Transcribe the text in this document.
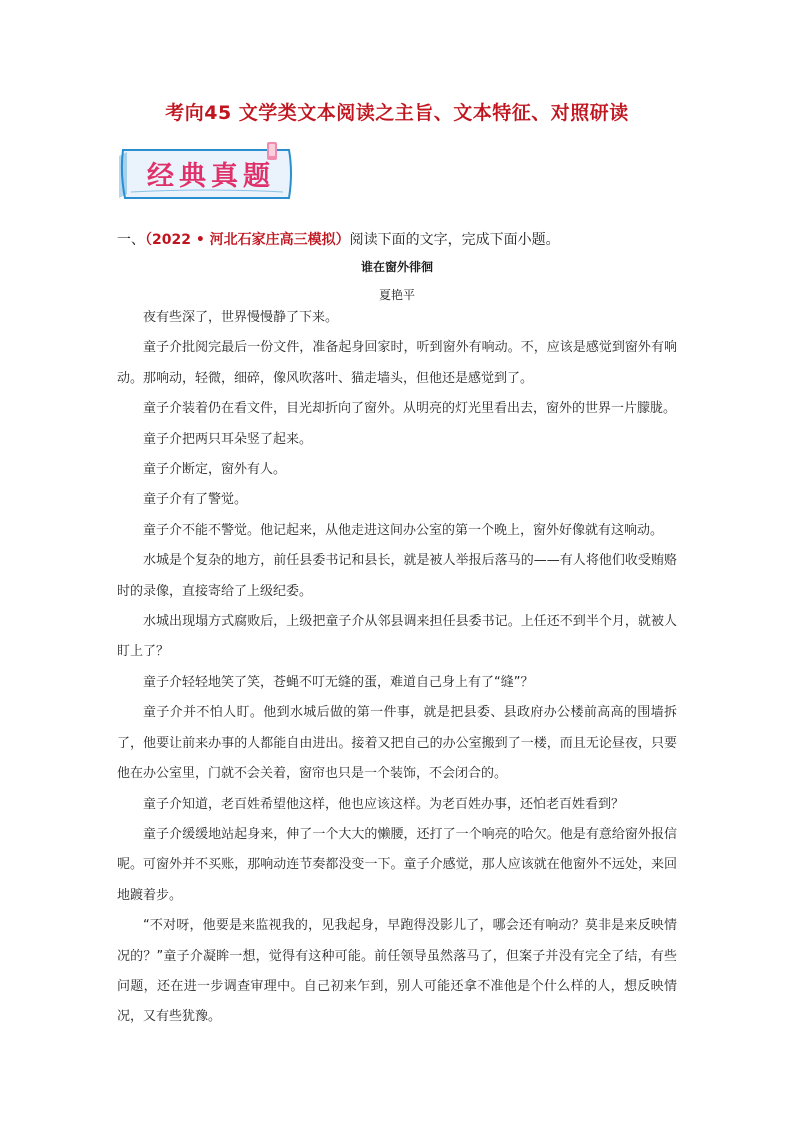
考向45 文学类文本阅读之主旨、文本特征、对照研读
经典真题
一、（2022 • 河北石家庄高三模拟）阅读下面的文字，完成下面小题。
谁在窗外徘徊
夏艳平

夜有些深了，世界慢慢静了下来。

童子介批阅完最后一份文件，准备起身回家时，听到窗外有响动。不，应该是感觉到窗外有响动。那响动，轻微，细碎，像风吹落叶、猫走墙头，但他还是感觉到了。

童子介装着仍在看文件，目光却折向了窗外。从明亮的灯光里看出去，窗外的世界一片朦胧。

童子介把两只耳朵竖了起来。

童子介断定，窗外有人。

童子介有了警觉。

童子介不能不警觉。他记起来，从他走进这间办公室的第一个晚上，窗外好像就有这响动。

水城是个复杂的地方，前任县委书记和县长，就是被人举报后落马的——有人将他们收受贿赂时的录像，直接寄给了上级纪委。

水城出现塌方式腐败后，上级把童子介从邻县调来担任县委书记。上任还不到半个月，就被人盯上了？

童子介轻轻地笑了笑，苍蝇不叮无缝的蛋，难道自己身上有了“缝”？

童子介并不怕人盯。他到水城后做的第一件事，就是把县委、县政府办公楼前高高的围墙拆了，他要让前来办事的人都能自由进出。接着又把自己的办公室搬到了一楼，而且无论昼夜，只要他在办公室里，门就不会关着，窗帘也只是一个装饰，不会闭合的。

童子介知道，老百姓希望他这样，他也应该这样。为老百姓办事，还怕老百姓看到？

童子介缓缓地站起身来，伸了一个大大的懒腰，还打了一个响亮的哈欠。他是有意给窗外报信呢。可窗外并不买账，那响动连节奏都没变一下。童子介感觉，那人应该就在他窗外不远处，来回地踱着步。

“不对呀，他要是来监视我的，见我起身，早跑得没影儿了，哪会还有响动？莫非是来反映情况的？”童子介凝眸一想，觉得有这种可能。前任领导虽然落马了，但案子并没有完全了结，有些问题，还在进一步调查审理中。自己初来乍到，别人可能还拿不准他是个什么样的人，想反映情况，又有些犹豫。
